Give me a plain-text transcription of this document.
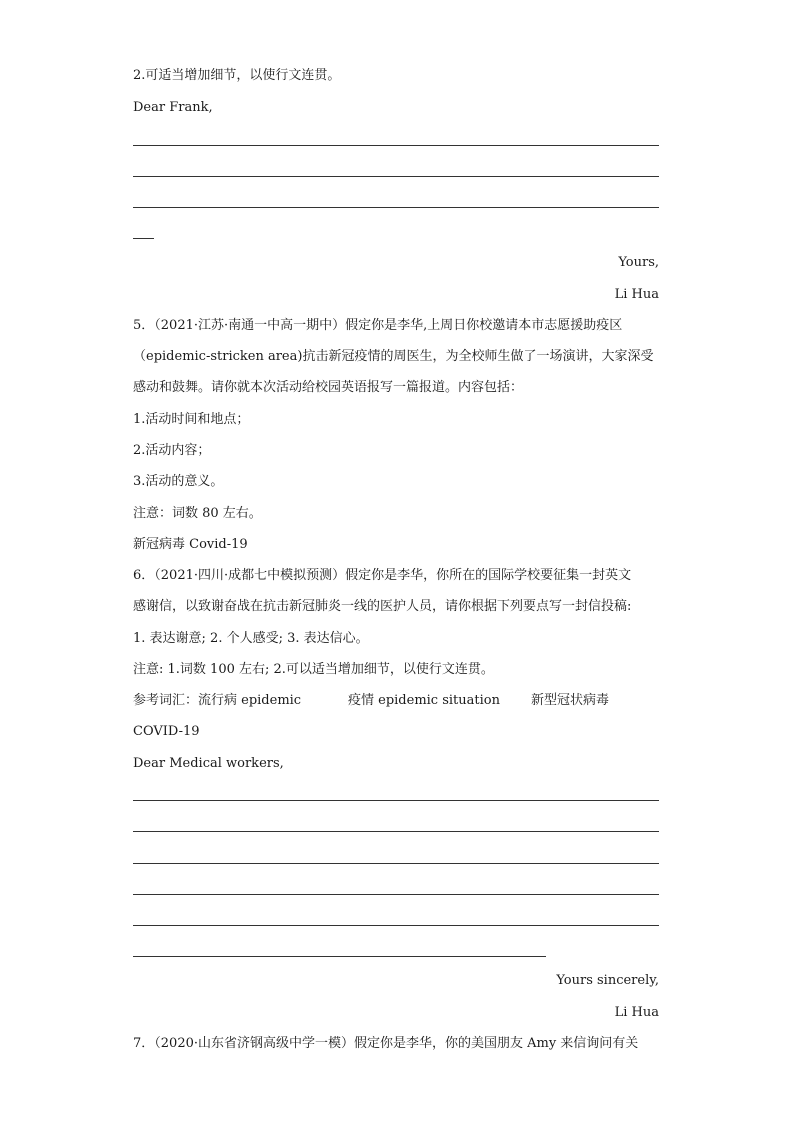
2.可适当增加细节，以使行文连贯。
Dear Frank,
Yours,
Li Hua
5．（2021·江苏·南通一中高一期中）假定你是李华,上周日你校邀请本市志愿援助疫区
（epidemic-stricken area)抗击新冠疫情的周医生，为全校师生做了一场演讲，大家深受
感动和鼓舞。请你就本次活动给校园英语报写一篇报道。内容包括：
1.活动时间和地点；
2.活动内容；
3.活动的意义。
注意：词数 80 左右。
新冠病毒 Covid-19
6．（2021·四川·成都七中模拟预测）假定你是李华，你所在的国际学校要征集一封英文
感谢信，以致谢奋战在抗击新冠肺炎一线的医护人员，请你根据下列要点写一封信投稿:
1. 表达谢意; 2. 个人感受; 3. 表达信心。
注意: 1.词数 100 左右; 2.可以适当增加细节，以使行文连贯。
参考词汇：流行病 epidemic	疫情 epidemic situation 新型冠状病毒
COVID-19
Dear Medical workers,
Yours sincerely,
Li Hua
7．（2020·山东省济钢高级中学一模）假定你是李华，你的美国朋友 Amy 来信询问有关
